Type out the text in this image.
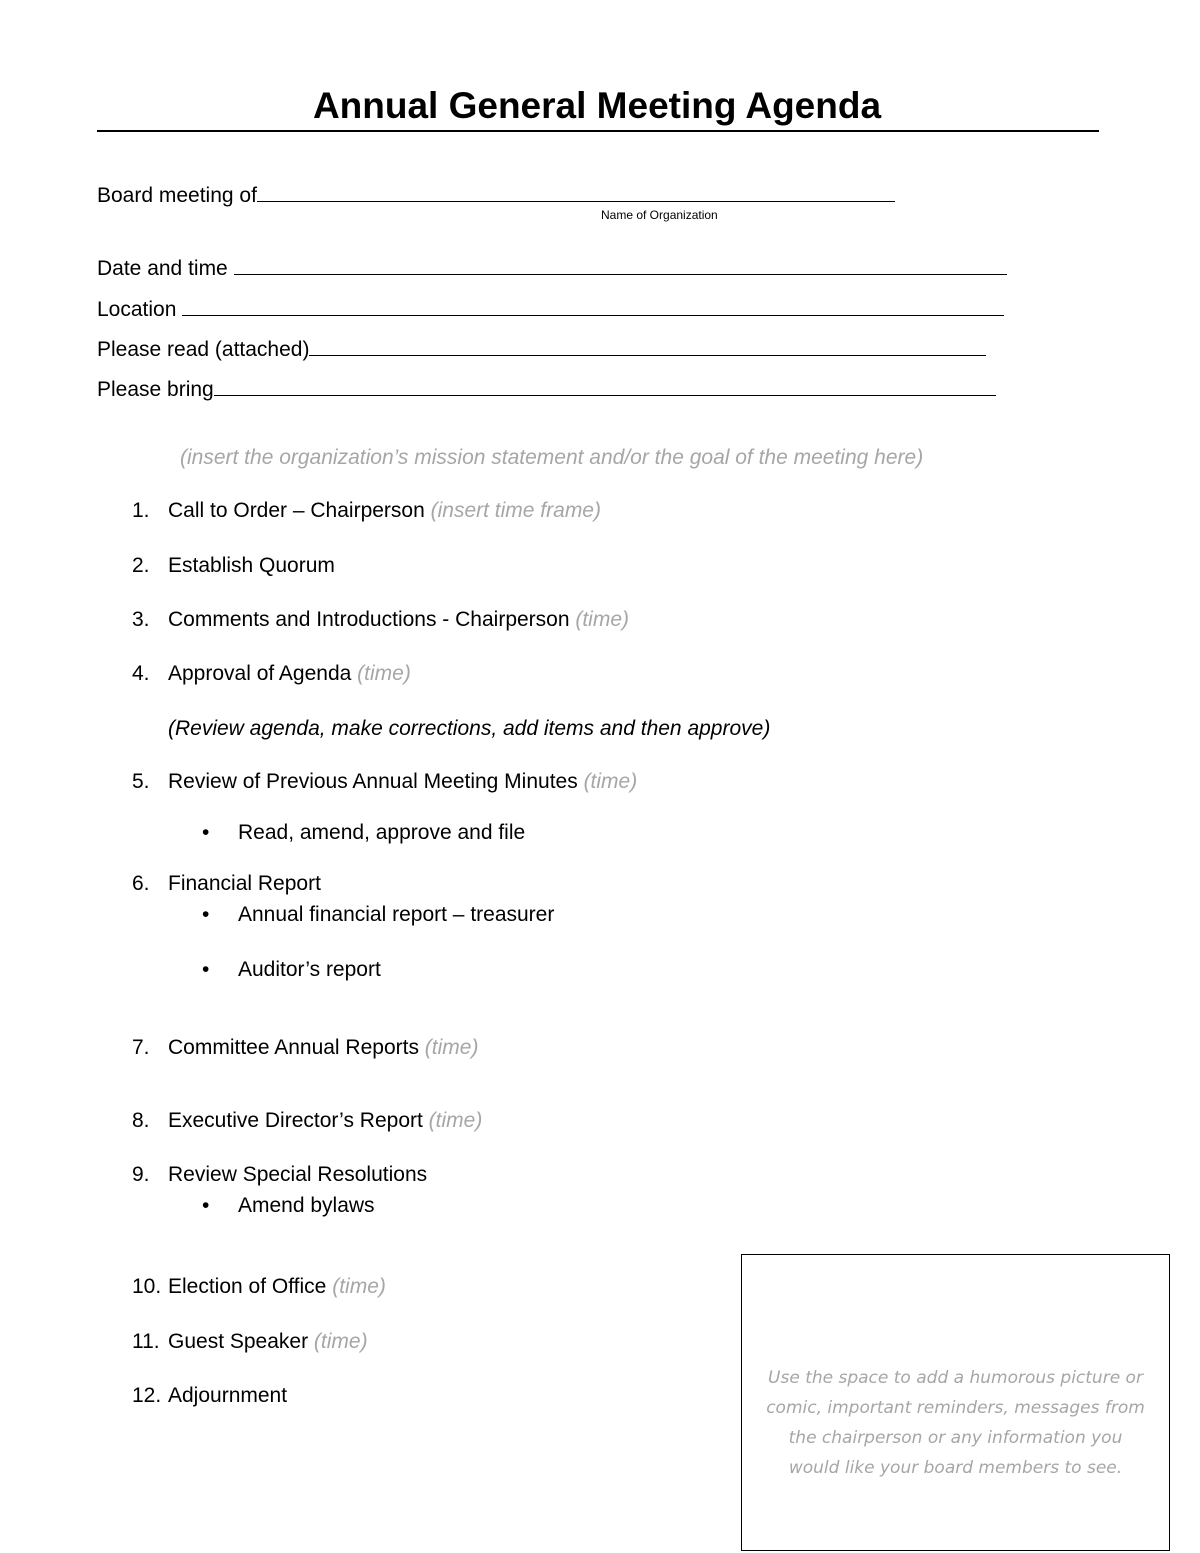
Annual General Meeting Agenda
Board meeting of
Name of Organization
Date and time
Location
Please read (attached)
Please bring
(insert the organization’s mission statement and/or the goal of the meeting here)
1. Call to Order – Chairperson (insert time frame)
2. Establish Quorum
3. Comments and Introductions - Chairperson (time)
4. Approval of Agenda (time)
(Review agenda, make corrections, add items and then approve)
5. Review of Previous Annual Meeting Minutes (time)
• Read, amend, approve and file
6. Financial Report
• Annual financial report – treasurer
• Auditor’s report
7. Committee Annual Reports (time)
8. Executive Director’s Report (time)
9. Review Special Resolutions
• Amend bylaws
10. Election of Office (time)
11. Guest Speaker (time)
12. Adjournment
Use the space to add a humorous picture or
comic, important reminders, messages from
the chairperson or any information you
would like your board members to see.
